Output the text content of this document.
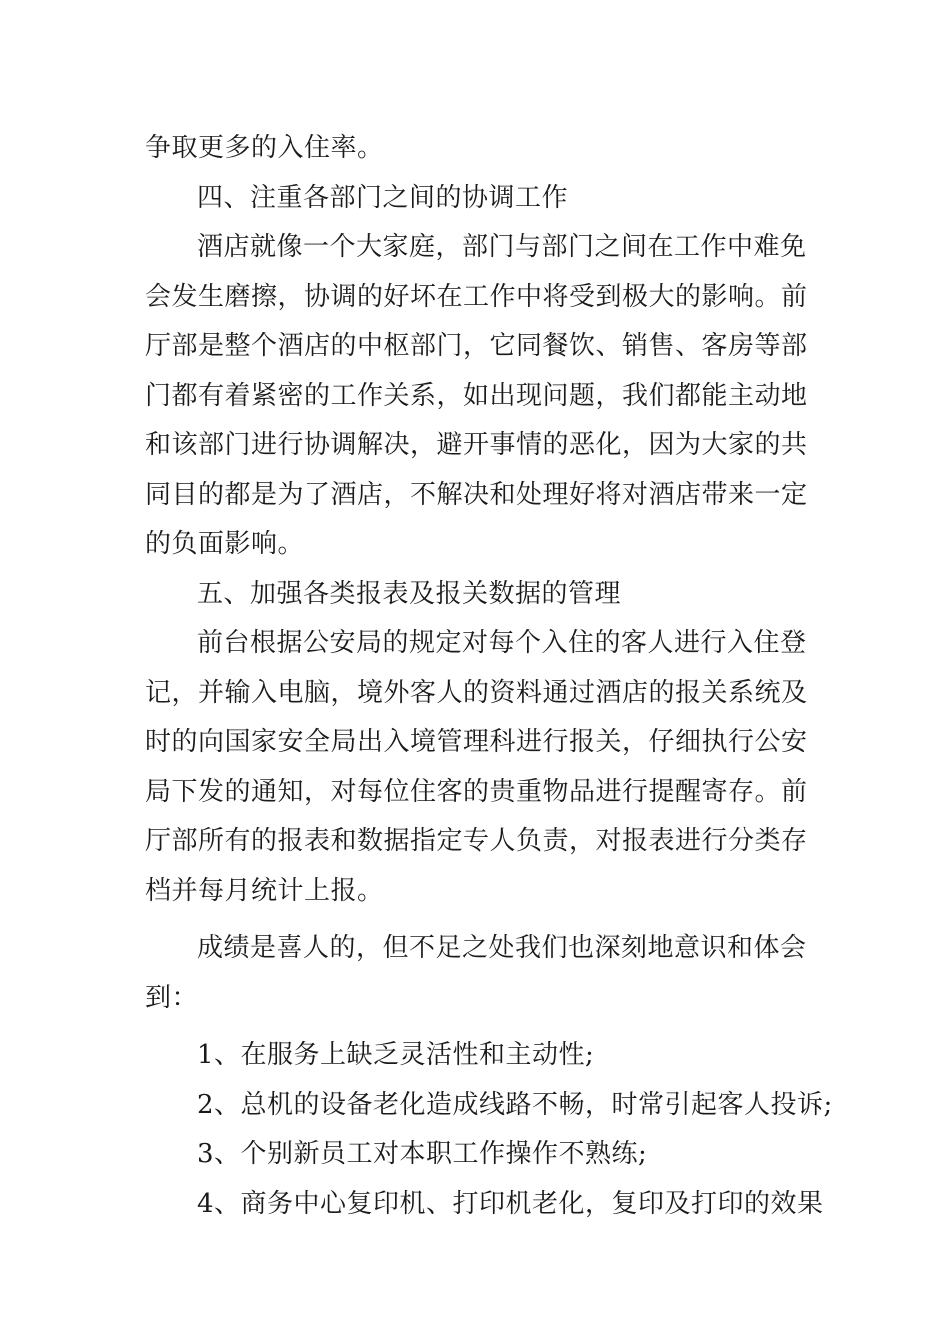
争取更多的入住率。
四、注重各部门之间的协调工作
酒店就像一个大家庭，部门与部门之间在工作中难免
会发生磨擦，协调的好坏在工作中将受到极大的影响。前
厅部是整个酒店的中枢部门，它同餐饮、销售、客房等部
门都有着紧密的工作关系，如出现问题，我们都能主动地
和该部门进行协调解决，避开事情的恶化，因为大家的共
同目的都是为了酒店，不解决和处理好将对酒店带来一定
的负面影响。
五、加强各类报表及报关数据的管理
前台根据公安局的规定对每个入住的客人进行入住登
记，并输入电脑，境外客人的资料通过酒店的报关系统及
时的向国家安全局出入境管理科进行报关，仔细执行公安
局下发的通知，对每位住客的贵重物品进行提醒寄存。前
厅部所有的报表和数据指定专人负责，对报表进行分类存
档并每月统计上报。
成绩是喜人的，但不足之处我们也深刻地意识和体会
到：
1、在服务上缺乏灵活性和主动性;
2、总机的设备老化造成线路不畅，时常引起客人投诉;
3、个别新员工对本职工作操作不熟练;
4、商务中心复印机、打印机老化，复印及打印的效果
